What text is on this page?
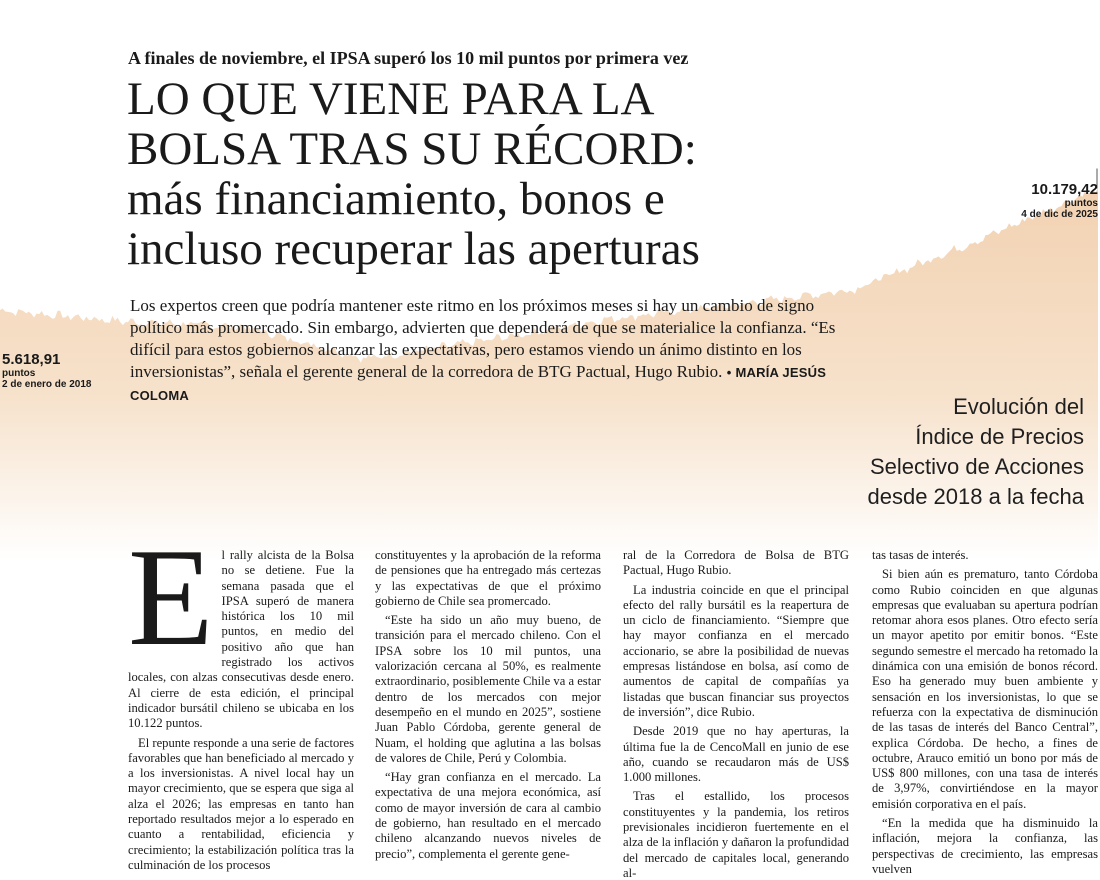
A finales de noviembre, el IPSA superó los 10 mil puntos por primera vez
LO QUE VIENE PARA LA
BOLSA TRAS SU RÉCORD:
más financiamiento, bonos e
incluso recuperar las aperturas

Los expertos creen que podría mantener este ritmo en los próximos meses si hay un cambio de signo político más promercado. Sin embargo, advierten que dependerá de que se materialice la confianza. “Es difícil para estos gobiernos alcanzar las expectativas, pero estamos viendo un ánimo distinto en los inversionistas”, señala el gerente general de la corredora de BTG Pactual, Hugo Rubio. • MARÍA JESÚS COLOMA

5.618,91
puntos
2 de enero de 2018
10.179,42
puntos
4 de dic de 2025
Evolución del
Índice de Precios
Selectivo de Acciones
desde 2018 a la fecha
E l rally alcista de la Bolsa no se detiene. Fue la semana pasada que el IPSA superó de manera histórica los 10 mil puntos, en medio del positivo año que han registrado los activos locales, con alzas consecutivas desde enero. Al cierre de esta edición, el principal indicador bursátil chileno se ubicaba en los 10.122 puntos.

El repunte responde a una serie de factores favorables que han beneficiado al mercado y a los inversionistas. A nivel local hay un mayor crecimiento, que se espera que siga al alza el 2026; las empresas en tanto han reportado resultados mejor a lo esperado en cuanto a rentabilidad, eficiencia y crecimiento; la estabilización política tras la culminación de los procesos

constituyentes y la aprobación de la reforma de pensiones que ha entregado más certezas y las expectativas de que el próximo gobierno de Chile sea promercado.

“Este ha sido un año muy bueno, de transición para el mercado chileno. Con el IPSA sobre los 10 mil puntos, una valorización cercana al 50%, es realmente extraordinario, posiblemente Chile va a estar dentro de los mercados con mejor desempeño en el mundo en 2025”, sostiene Juan Pablo Córdoba, gerente general de Nuam, el holding que aglutina a las bolsas de valores de Chile, Perú y Colombia.

“Hay gran confianza en el mercado. La expectativa de una mejora económica, así como de mayor inversión de cara al cambio de gobierno, han resultado en el mercado chileno alcanzando nuevos niveles de precio”, complementa el gerente gene-

ral de la Corredora de Bolsa de BTG Pactual, Hugo Rubio.

La industria coincide en que el principal efecto del rally bursátil es la reapertura de un ciclo de financiamiento. “Siempre que hay mayor confianza en el mercado accionario, se abre la posibilidad de nuevas empresas listándose en bolsa, así como de aumentos de capital de compañías ya listadas que buscan financiar sus proyectos de inversión”, dice Rubio.

Desde 2019 que no hay aperturas, la última fue la de CencoMall en junio de ese año, cuando se recaudaron más de US$ 1.000 millones.

Tras el estallido, los procesos constituyentes y la pandemia, los retiros previsionales incidieron fuertemente en el alza de la inflación y dañaron la profundidad del mercado de capitales local, generando al-

tas tasas de interés.

Si bien aún es prematuro, tanto Córdoba como Rubio coinciden en que algunas empresas que evaluaban su apertura podrían retomar ahora esos planes. Otro efecto sería un mayor apetito por emitir bonos. “Este segundo semestre el mercado ha retomado la dinámica con una emisión de bonos récord. Eso ha generado muy buen ambiente y sensación en los inversionistas, lo que se refuerza con la expectativa de disminución de las tasas de interés del Banco Central”, explica Córdoba. De hecho, a fines de octubre, Arauco emitió un bono por más de US$ 800 millones, con una tasa de interés de 3,97%, convirtiéndose en la mayor emisión corporativa en el país.

“En la medida que ha disminuido la inflación, mejora la confianza, las perspectivas de crecimiento, las empresas vuelven
